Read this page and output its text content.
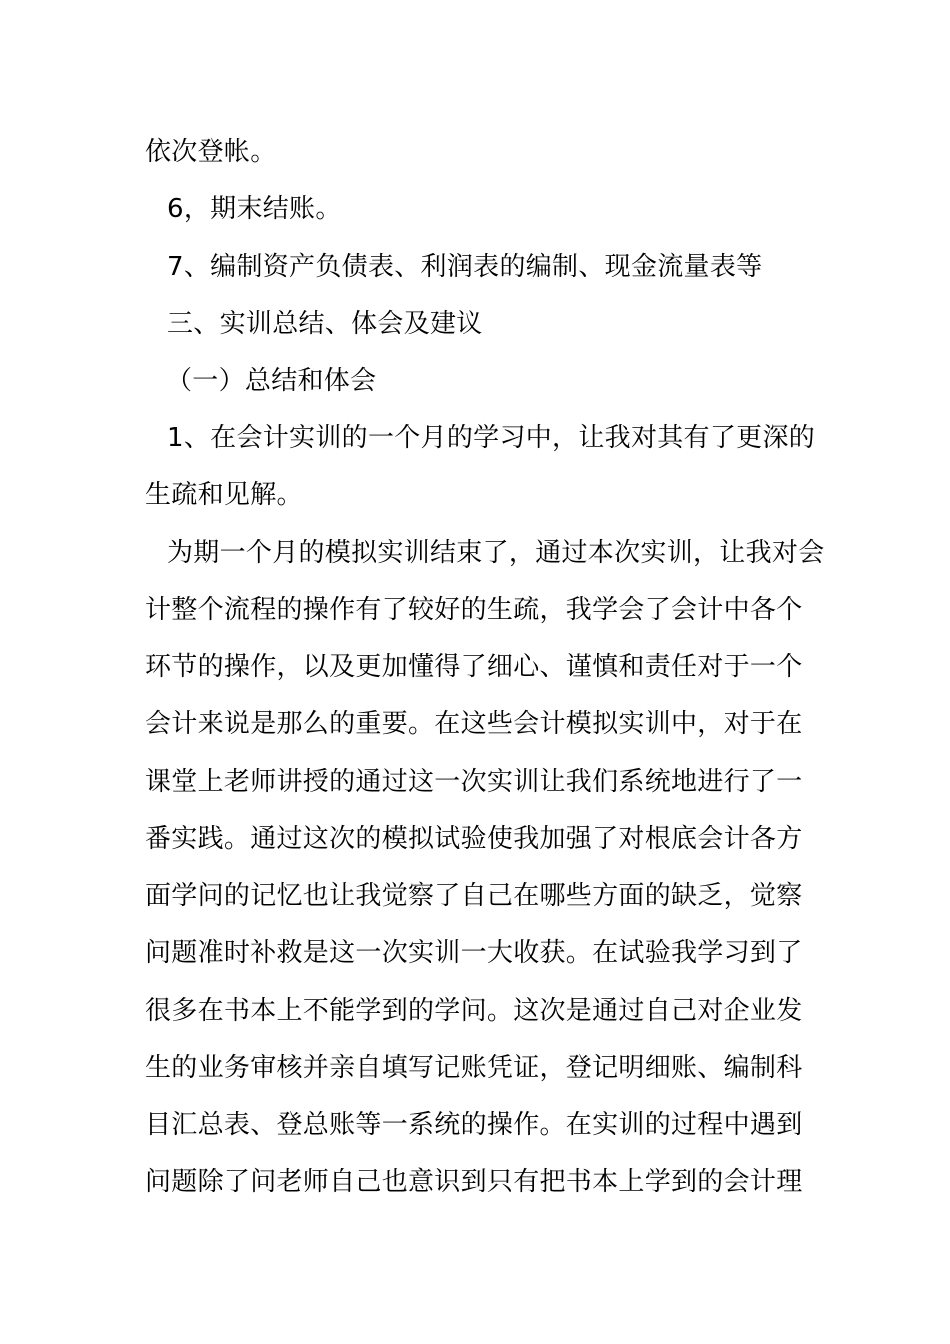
依次登帐。
6，期末结账。
7、编制资产负债表、利润表的编制、现金流量表等
三、实训总结、体会及建议
（一）总结和体会
1、在会计实训的一个月的学习中，让我对其有了更深的
生疏和见解。
为期一个月的模拟实训结束了，通过本次实训，让我对会
计整个流程的操作有了较好的生疏，我学会了会计中各个
环节的操作，以及更加懂得了细心、谨慎和责任对于一个
会计来说是那么的重要。在这些会计模拟实训中，对于在
课堂上老师讲授的通过这一次实训让我们系统地进行了一
番实践。通过这次的模拟试验使我加强了对根底会计各方
面学问的记忆也让我觉察了自己在哪些方面的缺乏，觉察
问题准时补救是这一次实训一大收获。在试验我学习到了
很多在书本上不能学到的学问。这次是通过自己对企业发
生的业务审核并亲自填写记账凭证，登记明细账、编制科
目汇总表、登总账等一系统的操作。在实训的过程中遇到
问题除了问老师自己也意识到只有把书本上学到的会计理
